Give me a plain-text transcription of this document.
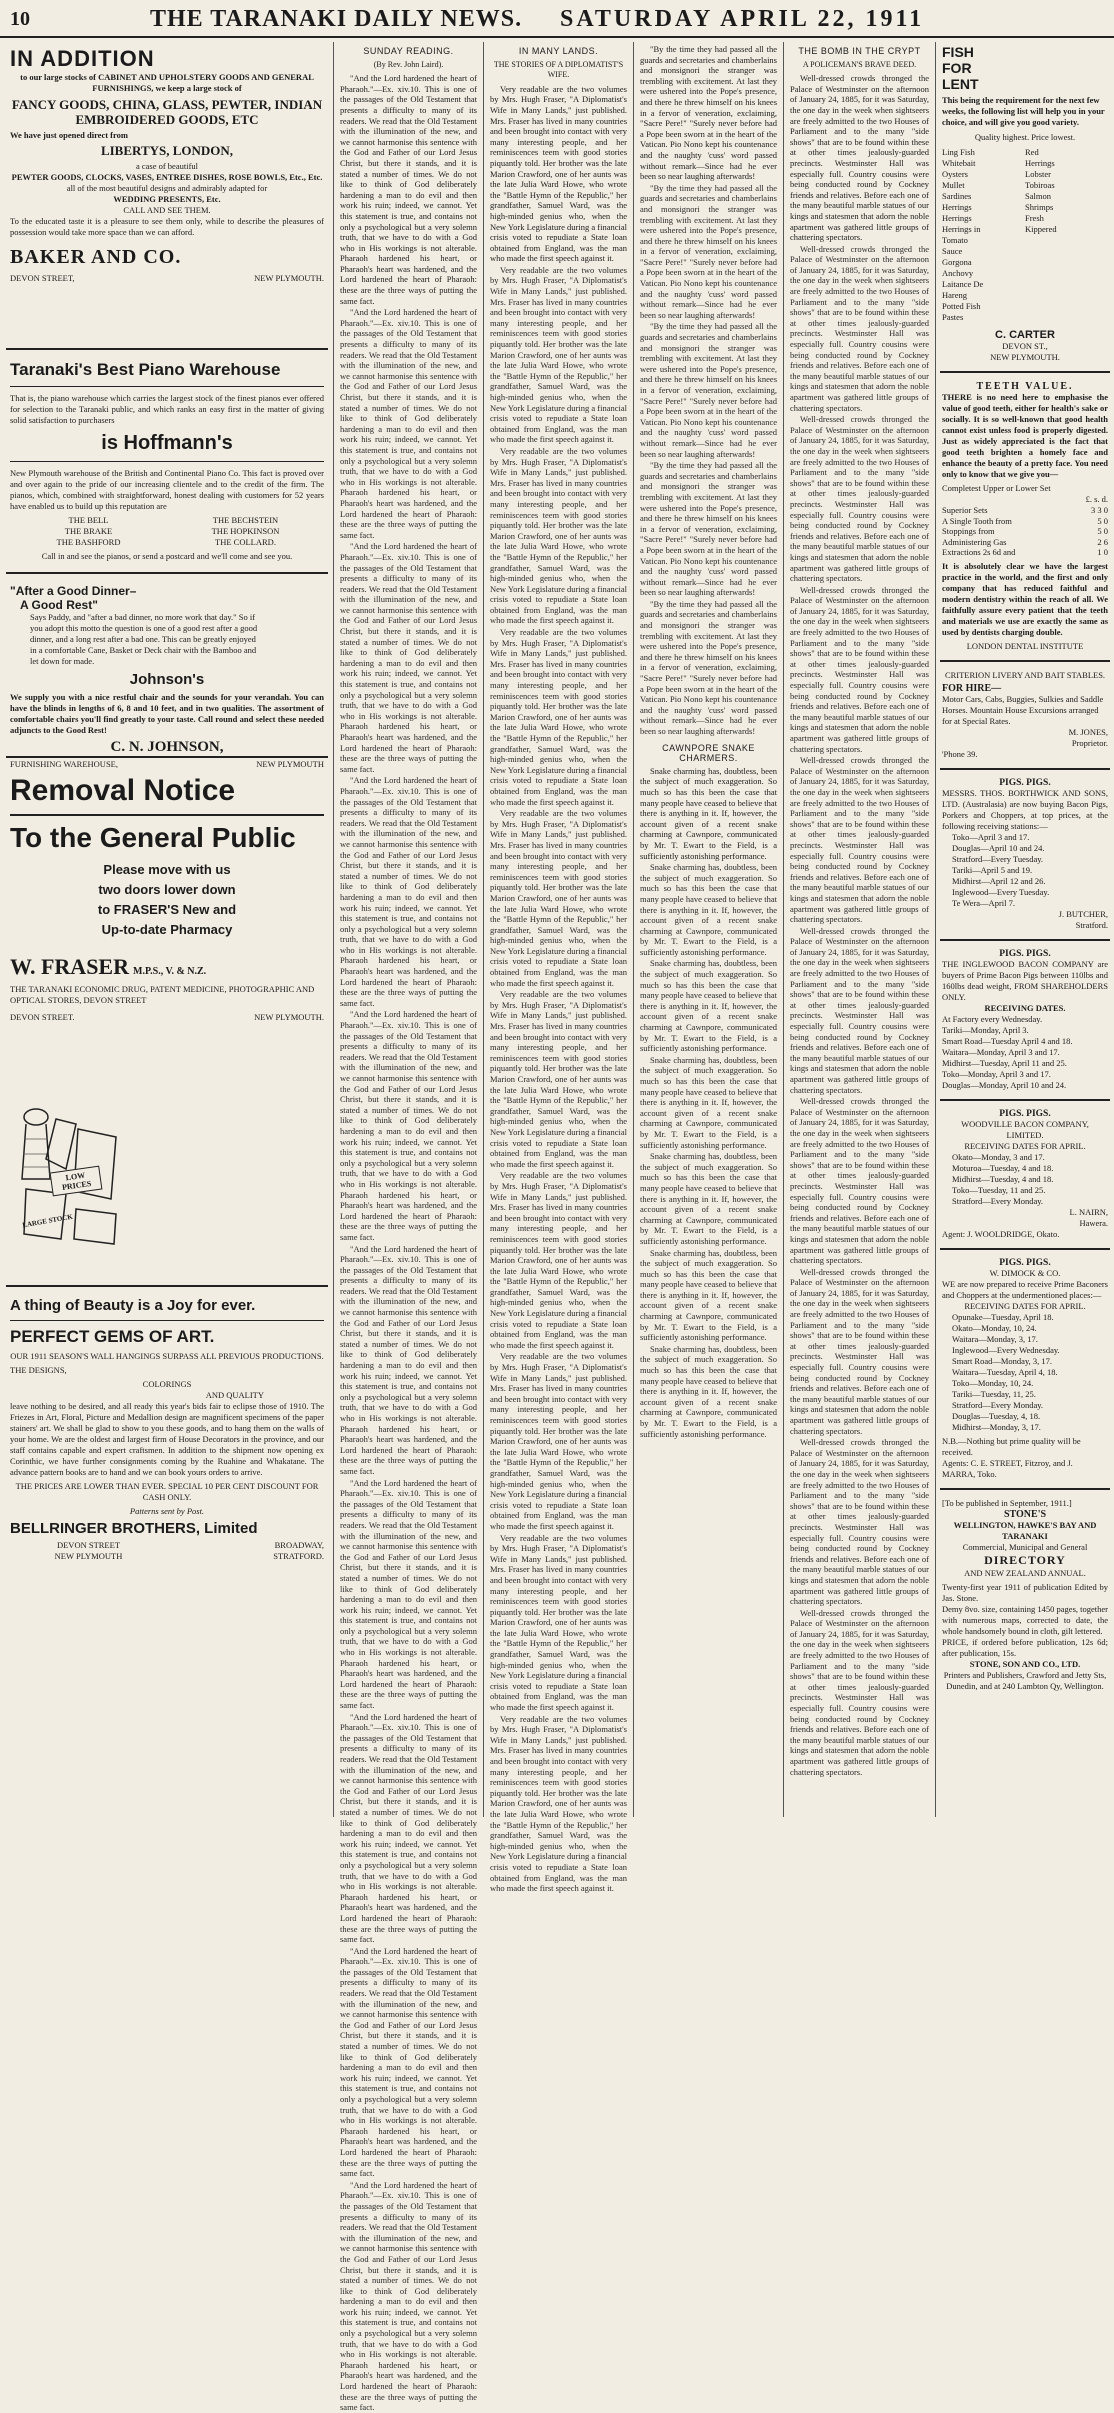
10	THE TARANAKI DAILY NEWS. SATURDAY APRIL 22, 1911
IN ADDITION
to our large stocks of CABINET AND UPHOLSTERY GOODS AND GENERAL FURNISHINGS, we keep a large stock of
FANCY GOODS, CHINA, GLASS, PEWTER, INDIAN EMBROIDERED GOODS, ETC
We have just opened direct from
LIBERTYS, LONDON,
a case of beautiful
PEWTER GOODS, CLOCKS, VASES, ENTREE DISHES, ROSE BOWLS, Etc., Etc.
all of the most beautiful designs and admirably adapted for
WEDDING PRESENTS, Etc.
CALL AND SEE THEM.
To the educated taste it is a pleasure to see them only, while to describe the pleasures of possession would take more space than we can afford.
BAKER AND CO.
DEVON STREET,	NEW PLYMOUTH.
Taranaki's Best Piano Warehouse
That is, the piano warehouse which carries the largest stock of the finest pianos ever offered for selection to the Taranaki public, and which ranks an easy first in the matter of giving solid satisfaction to purchasers
is Hoffmann's
New Plymouth warehouse of the British and Continental Piano Co. This fact is proved over and over again to the pride of our increasing clientele and to the credit of the firm. The pianos, which, combined with straightforward, honest dealing with customers for 52 years have enabled us to build up this reputation are
THE BELL
THE BRAKE
THE BASHFORD
THE BECHSTEIN
THE HOPKINSON
THE COLLARD.
Call in and see the pianos, or send a postcard and we'll come and see you.
"After a Good Dinner–
A Good Rest"
Says Paddy, and "after a bad dinner, no more work that day." So if you adopt this motto the question is one of a good rest after a good dinner, and a long rest after a bad one. This can be greatly enjoyed in a comfortable Cane, Basket or Deck chair with the Bamboo and let down for made.
Johnson's
We supply you with a nice restful chair and the sounds for your verandah. You can have the blinds in lengths of 6, 8 and 10 feet, and in two qualities. The assortment of comfortable chairs you'll find greatly to your taste. Call round and select these needed adjuncts to the Good Rest!
C. N. JOHNSON,
FURNISHING WAREHOUSE,	NEW PLYMOUTH
Removal Notice
To the General Public
Please move with us
two doors lower down
to FRASER'S New and
Up-to-date Pharmacy
W. FRASER M.P.S., V. & N.Z.
THE TARANAKI ECONOMIC DRUG, PATENT MEDICINE, PHOTOGRAPHIC AND OPTICAL STORES, DEVON STREET
DEVON STREET.	NEW PLYMOUTH.
LOW
PRICES
LARGE STOCK
A thing of Beauty is a Joy for ever.
PERFECT GEMS OF ART.
OUR 1911 SEASON'S WALL HANGINGS SURPASS ALL PREVIOUS PRODUCTIONS.
THE DESIGNS,
COLORINGS
AND QUALITY
leave nothing to be desired, and all ready this year's bids fair to eclipse those of 1910. The Friezes in Art, Floral, Picture and Medallion design are magnificent specimens of the paper stainers' art. We shall be glad to show to you these goods, and to hang them on the walls of your home. We are the oldest and largest firm of House Decorators in the province, and our staff contains capable and expert craftsmen. In addition to the shipment now opening ex Corinthic, we have further consignments coming by the Ruahine and Whakatane. The advance pattern books are to hand and we can book yours orders to arrive.
THE PRICES ARE LOWER THAN EVER. SPECIAL 10 PER CENT DISCOUNT FOR CASH ONLY.
Patterns sent by Post.
BELLRINGER BROTHERS, Limited
DEVON STREET
NEW PLYMOUTH
BROADWAY,
STRATFORD.
SUNDAY READING.
(By Rev. John Laird).
"And the Lord hardened the heart of Pharaoh."—Ex. xiv.10. This is one of the passages of the Old Testament that presents a difficulty to many of its readers. We read that the Old Testament with the illumination of the new, and we cannot harmonise this sentence with the God and Father of our Lord Jesus Christ, but there it stands, and it is stated a number of times. We do not like to think of God deliberately hardening a man to do evil and then work his ruin; indeed, we cannot. Yet this statement is true, and contains not only a psychological but a very solemn truth, that we have to do with a God who in His workings is not alterable. Pharaoh hardened his heart, or Pharaoh's heart was hardened, and the Lord hardened the heart of Pharaoh: these are the three ways of putting the same fact.
"And the Lord hardened the heart of Pharaoh."—Ex. xiv.10. This is one of the passages of the Old Testament that presents a difficulty to many of its readers. We read that the Old Testament with the illumination of the new, and we cannot harmonise this sentence with the God and Father of our Lord Jesus Christ, but there it stands, and it is stated a number of times. We do not like to think of God deliberately hardening a man to do evil and then work his ruin; indeed, we cannot. Yet this statement is true, and contains not only a psychological but a very solemn truth, that we have to do with a God who in His workings is not alterable. Pharaoh hardened his heart, or Pharaoh's heart was hardened, and the Lord hardened the heart of Pharaoh: these are the three ways of putting the same fact.
"And the Lord hardened the heart of Pharaoh."—Ex. xiv.10. This is one of the passages of the Old Testament that presents a difficulty to many of its readers. We read that the Old Testament with the illumination of the new, and we cannot harmonise this sentence with the God and Father of our Lord Jesus Christ, but there it stands, and it is stated a number of times. We do not like to think of God deliberately hardening a man to do evil and then work his ruin; indeed, we cannot. Yet this statement is true, and contains not only a psychological but a very solemn truth, that we have to do with a God who in His workings is not alterable. Pharaoh hardened his heart, or Pharaoh's heart was hardened, and the Lord hardened the heart of Pharaoh: these are the three ways of putting the same fact.
"And the Lord hardened the heart of Pharaoh."—Ex. xiv.10. This is one of the passages of the Old Testament that presents a difficulty to many of its readers. We read that the Old Testament with the illumination of the new, and we cannot harmonise this sentence with the God and Father of our Lord Jesus Christ, but there it stands, and it is stated a number of times. We do not like to think of God deliberately hardening a man to do evil and then work his ruin; indeed, we cannot. Yet this statement is true, and contains not only a psychological but a very solemn truth, that we have to do with a God who in His workings is not alterable. Pharaoh hardened his heart, or Pharaoh's heart was hardened, and the Lord hardened the heart of Pharaoh: these are the three ways of putting the same fact.
"And the Lord hardened the heart of Pharaoh."—Ex. xiv.10. This is one of the passages of the Old Testament that presents a difficulty to many of its readers. We read that the Old Testament with the illumination of the new, and we cannot harmonise this sentence with the God and Father of our Lord Jesus Christ, but there it stands, and it is stated a number of times. We do not like to think of God deliberately hardening a man to do evil and then work his ruin; indeed, we cannot. Yet this statement is true, and contains not only a psychological but a very solemn truth, that we have to do with a God who in His workings is not alterable. Pharaoh hardened his heart, or Pharaoh's heart was hardened, and the Lord hardened the heart of Pharaoh: these are the three ways of putting the same fact.
"And the Lord hardened the heart of Pharaoh."—Ex. xiv.10. This is one of the passages of the Old Testament that presents a difficulty to many of its readers. We read that the Old Testament with the illumination of the new, and we cannot harmonise this sentence with the God and Father of our Lord Jesus Christ, but there it stands, and it is stated a number of times. We do not like to think of God deliberately hardening a man to do evil and then work his ruin; indeed, we cannot. Yet this statement is true, and contains not only a psychological but a very solemn truth, that we have to do with a God who in His workings is not alterable. Pharaoh hardened his heart, or Pharaoh's heart was hardened, and the Lord hardened the heart of Pharaoh: these are the three ways of putting the same fact.
"And the Lord hardened the heart of Pharaoh."—Ex. xiv.10. This is one of the passages of the Old Testament that presents a difficulty to many of its readers. We read that the Old Testament with the illumination of the new, and we cannot harmonise this sentence with the God and Father of our Lord Jesus Christ, but there it stands, and it is stated a number of times. We do not like to think of God deliberately hardening a man to do evil and then work his ruin; indeed, we cannot. Yet this statement is true, and contains not only a psychological but a very solemn truth, that we have to do with a God who in His workings is not alterable. Pharaoh hardened his heart, or Pharaoh's heart was hardened, and the Lord hardened the heart of Pharaoh: these are the three ways of putting the same fact.
"And the Lord hardened the heart of Pharaoh."—Ex. xiv.10. This is one of the passages of the Old Testament that presents a difficulty to many of its readers. We read that the Old Testament with the illumination of the new, and we cannot harmonise this sentence with the God and Father of our Lord Jesus Christ, but there it stands, and it is stated a number of times. We do not like to think of God deliberately hardening a man to do evil and then work his ruin; indeed, we cannot. Yet this statement is true, and contains not only a psychological but a very solemn truth, that we have to do with a God who in His workings is not alterable. Pharaoh hardened his heart, or Pharaoh's heart was hardened, and the Lord hardened the heart of Pharaoh: these are the three ways of putting the same fact.
"And the Lord hardened the heart of Pharaoh."—Ex. xiv.10. This is one of the passages of the Old Testament that presents a difficulty to many of its readers. We read that the Old Testament with the illumination of the new, and we cannot harmonise this sentence with the God and Father of our Lord Jesus Christ, but there it stands, and it is stated a number of times. We do not like to think of God deliberately hardening a man to do evil and then work his ruin; indeed, we cannot. Yet this statement is true, and contains not only a psychological but a very solemn truth, that we have to do with a God who in His workings is not alterable. Pharaoh hardened his heart, or Pharaoh's heart was hardened, and the Lord hardened the heart of Pharaoh: these are the three ways of putting the same fact.
"And the Lord hardened the heart of Pharaoh."—Ex. xiv.10. This is one of the passages of the Old Testament that presents a difficulty to many of its readers. We read that the Old Testament with the illumination of the new, and we cannot harmonise this sentence with the God and Father of our Lord Jesus Christ, but there it stands, and it is stated a number of times. We do not like to think of God deliberately hardening a man to do evil and then work his ruin; indeed, we cannot. Yet this statement is true, and contains not only a psychological but a very solemn truth, that we have to do with a God who in His workings is not alterable. Pharaoh hardened his heart, or Pharaoh's heart was hardened, and the Lord hardened the heart of Pharaoh: these are the three ways of putting the same fact.
IN MANY LANDS.
THE STORIES OF A DIPLOMATIST'S WIFE.
Very readable are the two volumes by Mrs. Hugh Fraser, "A Diplomatist's Wife in Many Lands," just published. Mrs. Fraser has lived in many countries and been brought into contact with very many interesting people, and her reminiscences teem with good stories piquantly told. Her brother was the late Marion Crawford, one of her aunts was the late Julia Ward Howe, who wrote the "Battle Hymn of the Republic," her grandfather, Samuel Ward, was the high-minded genius who, when the New York Legislature during a financial crisis voted to repudiate a State loan obtained from England, was the man who made the first speech against it.
Very readable are the two volumes by Mrs. Hugh Fraser, "A Diplomatist's Wife in Many Lands," just published. Mrs. Fraser has lived in many countries and been brought into contact with very many interesting people, and her reminiscences teem with good stories piquantly told. Her brother was the late Marion Crawford, one of her aunts was the late Julia Ward Howe, who wrote the "Battle Hymn of the Republic," her grandfather, Samuel Ward, was the high-minded genius who, when the New York Legislature during a financial crisis voted to repudiate a State loan obtained from England, was the man who made the first speech against it.
Very readable are the two volumes by Mrs. Hugh Fraser, "A Diplomatist's Wife in Many Lands," just published. Mrs. Fraser has lived in many countries and been brought into contact with very many interesting people, and her reminiscences teem with good stories piquantly told. Her brother was the late Marion Crawford, one of her aunts was the late Julia Ward Howe, who wrote the "Battle Hymn of the Republic," her grandfather, Samuel Ward, was the high-minded genius who, when the New York Legislature during a financial crisis voted to repudiate a State loan obtained from England, was the man who made the first speech against it.
Very readable are the two volumes by Mrs. Hugh Fraser, "A Diplomatist's Wife in Many Lands," just published. Mrs. Fraser has lived in many countries and been brought into contact with very many interesting people, and her reminiscences teem with good stories piquantly told. Her brother was the late Marion Crawford, one of her aunts was the late Julia Ward Howe, who wrote the "Battle Hymn of the Republic," her grandfather, Samuel Ward, was the high-minded genius who, when the New York Legislature during a financial crisis voted to repudiate a State loan obtained from England, was the man who made the first speech against it.
Very readable are the two volumes by Mrs. Hugh Fraser, "A Diplomatist's Wife in Many Lands," just published. Mrs. Fraser has lived in many countries and been brought into contact with very many interesting people, and her reminiscences teem with good stories piquantly told. Her brother was the late Marion Crawford, one of her aunts was the late Julia Ward Howe, who wrote the "Battle Hymn of the Republic," her grandfather, Samuel Ward, was the high-minded genius who, when the New York Legislature during a financial crisis voted to repudiate a State loan obtained from England, was the man who made the first speech against it.
Very readable are the two volumes by Mrs. Hugh Fraser, "A Diplomatist's Wife in Many Lands," just published. Mrs. Fraser has lived in many countries and been brought into contact with very many interesting people, and her reminiscences teem with good stories piquantly told. Her brother was the late Marion Crawford, one of her aunts was the late Julia Ward Howe, who wrote the "Battle Hymn of the Republic," her grandfather, Samuel Ward, was the high-minded genius who, when the New York Legislature during a financial crisis voted to repudiate a State loan obtained from England, was the man who made the first speech against it.
Very readable are the two volumes by Mrs. Hugh Fraser, "A Diplomatist's Wife in Many Lands," just published. Mrs. Fraser has lived in many countries and been brought into contact with very many interesting people, and her reminiscences teem with good stories piquantly told. Her brother was the late Marion Crawford, one of her aunts was the late Julia Ward Howe, who wrote the "Battle Hymn of the Republic," her grandfather, Samuel Ward, was the high-minded genius who, when the New York Legislature during a financial crisis voted to repudiate a State loan obtained from England, was the man who made the first speech against it.
Very readable are the two volumes by Mrs. Hugh Fraser, "A Diplomatist's Wife in Many Lands," just published. Mrs. Fraser has lived in many countries and been brought into contact with very many interesting people, and her reminiscences teem with good stories piquantly told. Her brother was the late Marion Crawford, one of her aunts was the late Julia Ward Howe, who wrote the "Battle Hymn of the Republic," her grandfather, Samuel Ward, was the high-minded genius who, when the New York Legislature during a financial crisis voted to repudiate a State loan obtained from England, was the man who made the first speech against it.
Very readable are the two volumes by Mrs. Hugh Fraser, "A Diplomatist's Wife in Many Lands," just published. Mrs. Fraser has lived in many countries and been brought into contact with very many interesting people, and her reminiscences teem with good stories piquantly told. Her brother was the late Marion Crawford, one of her aunts was the late Julia Ward Howe, who wrote the "Battle Hymn of the Republic," her grandfather, Samuel Ward, was the high-minded genius who, when the New York Legislature during a financial crisis voted to repudiate a State loan obtained from England, was the man who made the first speech against it.
Very readable are the two volumes by Mrs. Hugh Fraser, "A Diplomatist's Wife in Many Lands," just published. Mrs. Fraser has lived in many countries and been brought into contact with very many interesting people, and her reminiscences teem with good stories piquantly told. Her brother was the late Marion Crawford, one of her aunts was the late Julia Ward Howe, who wrote the "Battle Hymn of the Republic," her grandfather, Samuel Ward, was the high-minded genius who, when the New York Legislature during a financial crisis voted to repudiate a State loan obtained from England, was the man who made the first speech against it.
"By the time they had passed all the guards and secretaries and chamberlains and monsignori the stranger was trembling with excitement. At last they were ushered into the Pope's presence, and there he threw himself on his knees in a fervor of veneration, exclaiming, "Sacre Pere!" "Surely never before had a Pope been sworn at in the heart of the Vatican. Pio Nono kept his countenance and the naughty 'cuss' word passed without remark—Since had he ever been so near laughing afterwards!
"By the time they had passed all the guards and secretaries and chamberlains and monsignori the stranger was trembling with excitement. At last they were ushered into the Pope's presence, and there he threw himself on his knees in a fervor of veneration, exclaiming, "Sacre Pere!" "Surely never before had a Pope been sworn at in the heart of the Vatican. Pio Nono kept his countenance and the naughty 'cuss' word passed without remark—Since had he ever been so near laughing afterwards!
"By the time they had passed all the guards and secretaries and chamberlains and monsignori the stranger was trembling with excitement. At last they were ushered into the Pope's presence, and there he threw himself on his knees in a fervor of veneration, exclaiming, "Sacre Pere!" "Surely never before had a Pope been sworn at in the heart of the Vatican. Pio Nono kept his countenance and the naughty 'cuss' word passed without remark—Since had he ever been so near laughing afterwards!
"By the time they had passed all the guards and secretaries and chamberlains and monsignori the stranger was trembling with excitement. At last they were ushered into the Pope's presence, and there he threw himself on his knees in a fervor of veneration, exclaiming, "Sacre Pere!" "Surely never before had a Pope been sworn at in the heart of the Vatican. Pio Nono kept his countenance and the naughty 'cuss' word passed without remark—Since had he ever been so near laughing afterwards!
"By the time they had passed all the guards and secretaries and chamberlains and monsignori the stranger was trembling with excitement. At last they were ushered into the Pope's presence, and there he threw himself on his knees in a fervor of veneration, exclaiming, "Sacre Pere!" "Surely never before had a Pope been sworn at in the heart of the Vatican. Pio Nono kept his countenance and the naughty 'cuss' word passed without remark—Since had he ever been so near laughing afterwards!
CAWNPORE SNAKE CHARMERS.
Snake charming has, doubtless, been the subject of much exaggeration. So much so has this been the case that many people have ceased to believe that there is anything in it. If, however, the account given of a recent snake charming at Cawnpore, communicated by Mr. T. Ewart to the Field, is a sufficiently astonishing performance.
Snake charming has, doubtless, been the subject of much exaggeration. So much so has this been the case that many people have ceased to believe that there is anything in it. If, however, the account given of a recent snake charming at Cawnpore, communicated by Mr. T. Ewart to the Field, is a sufficiently astonishing performance.
Snake charming has, doubtless, been the subject of much exaggeration. So much so has this been the case that many people have ceased to believe that there is anything in it. If, however, the account given of a recent snake charming at Cawnpore, communicated by Mr. T. Ewart to the Field, is a sufficiently astonishing performance.
Snake charming has, doubtless, been the subject of much exaggeration. So much so has this been the case that many people have ceased to believe that there is anything in it. If, however, the account given of a recent snake charming at Cawnpore, communicated by Mr. T. Ewart to the Field, is a sufficiently astonishing performance.
Snake charming has, doubtless, been the subject of much exaggeration. So much so has this been the case that many people have ceased to believe that there is anything in it. If, however, the account given of a recent snake charming at Cawnpore, communicated by Mr. T. Ewart to the Field, is a sufficiently astonishing performance.
Snake charming has, doubtless, been the subject of much exaggeration. So much so has this been the case that many people have ceased to believe that there is anything in it. If, however, the account given of a recent snake charming at Cawnpore, communicated by Mr. T. Ewart to the Field, is a sufficiently astonishing performance.
Snake charming has, doubtless, been the subject of much exaggeration. So much so has this been the case that many people have ceased to believe that there is anything in it. If, however, the account given of a recent snake charming at Cawnpore, communicated by Mr. T. Ewart to the Field, is a sufficiently astonishing performance.
THE BOMB IN THE CRYPT
A POLICEMAN'S BRAVE DEED.
Well-dressed crowds thronged the Palace of Westminster on the afternoon of January 24, 1885, for it was Saturday, the one day in the week when sightseers are freely admitted to the two Houses of Parliament and to the many "side shows" that are to be found within these at other times jealously-guarded precincts. Westminster Hall was especially full. Country cousins were being conducted round by Cockney friends and relatives. Before each one of the many beautiful marble statues of our kings and statesmen that adorn the noble apartment was gathered little groups of chattering spectators.
Well-dressed crowds thronged the Palace of Westminster on the afternoon of January 24, 1885, for it was Saturday, the one day in the week when sightseers are freely admitted to the two Houses of Parliament and to the many "side shows" that are to be found within these at other times jealously-guarded precincts. Westminster Hall was especially full. Country cousins were being conducted round by Cockney friends and relatives. Before each one of the many beautiful marble statues of our kings and statesmen that adorn the noble apartment was gathered little groups of chattering spectators.
Well-dressed crowds thronged the Palace of Westminster on the afternoon of January 24, 1885, for it was Saturday, the one day in the week when sightseers are freely admitted to the two Houses of Parliament and to the many "side shows" that are to be found within these at other times jealously-guarded precincts. Westminster Hall was especially full. Country cousins were being conducted round by Cockney friends and relatives. Before each one of the many beautiful marble statues of our kings and statesmen that adorn the noble apartment was gathered little groups of chattering spectators.
Well-dressed crowds thronged the Palace of Westminster on the afternoon of January 24, 1885, for it was Saturday, the one day in the week when sightseers are freely admitted to the two Houses of Parliament and to the many "side shows" that are to be found within these at other times jealously-guarded precincts. Westminster Hall was especially full. Country cousins were being conducted round by Cockney friends and relatives. Before each one of the many beautiful marble statues of our kings and statesmen that adorn the noble apartment was gathered little groups of chattering spectators.
Well-dressed crowds thronged the Palace of Westminster on the afternoon of January 24, 1885, for it was Saturday, the one day in the week when sightseers are freely admitted to the two Houses of Parliament and to the many "side shows" that are to be found within these at other times jealously-guarded precincts. Westminster Hall was especially full. Country cousins were being conducted round by Cockney friends and relatives. Before each one of the many beautiful marble statues of our kings and statesmen that adorn the noble apartment was gathered little groups of chattering spectators.
Well-dressed crowds thronged the Palace of Westminster on the afternoon of January 24, 1885, for it was Saturday, the one day in the week when sightseers are freely admitted to the two Houses of Parliament and to the many "side shows" that are to be found within these at other times jealously-guarded precincts. Westminster Hall was especially full. Country cousins were being conducted round by Cockney friends and relatives. Before each one of the many beautiful marble statues of our kings and statesmen that adorn the noble apartment was gathered little groups of chattering spectators.
Well-dressed crowds thronged the Palace of Westminster on the afternoon of January 24, 1885, for it was Saturday, the one day in the week when sightseers are freely admitted to the two Houses of Parliament and to the many "side shows" that are to be found within these at other times jealously-guarded precincts. Westminster Hall was especially full. Country cousins were being conducted round by Cockney friends and relatives. Before each one of the many beautiful marble statues of our kings and statesmen that adorn the noble apartment was gathered little groups of chattering spectators.
Well-dressed crowds thronged the Palace of Westminster on the afternoon of January 24, 1885, for it was Saturday, the one day in the week when sightseers are freely admitted to the two Houses of Parliament and to the many "side shows" that are to be found within these at other times jealously-guarded precincts. Westminster Hall was especially full. Country cousins were being conducted round by Cockney friends and relatives. Before each one of the many beautiful marble statues of our kings and statesmen that adorn the noble apartment was gathered little groups of chattering spectators.
Well-dressed crowds thronged the Palace of Westminster on the afternoon of January 24, 1885, for it was Saturday, the one day in the week when sightseers are freely admitted to the two Houses of Parliament and to the many "side shows" that are to be found within these at other times jealously-guarded precincts. Westminster Hall was especially full. Country cousins were being conducted round by Cockney friends and relatives. Before each one of the many beautiful marble statues of our kings and statesmen that adorn the noble apartment was gathered little groups of chattering spectators.
Well-dressed crowds thronged the Palace of Westminster on the afternoon of January 24, 1885, for it was Saturday, the one day in the week when sightseers are freely admitted to the two Houses of Parliament and to the many "side shows" that are to be found within these at other times jealously-guarded precincts. Westminster Hall was especially full. Country cousins were being conducted round by Cockney friends and relatives. Before each one of the many beautiful marble statues of our kings and statesmen that adorn the noble apartment was gathered little groups of chattering spectators.
FISH
FOR
LENT
This being the requirement for the next few weeks, the following list will help you in your choice, and will give you good variety.
Quality highest. Price lowest.
Ling Fish
Whitebait
Oysters
Mullet
Sardines
Herrings
Herrings
Herrings in Tomato Sauce
Gorgona Anchovy
Laitance De Hareng
Potted Fish Pastes
Red Herrings
Lobster
Tobiroas
Salmon
Shrimps
Fresh
Kippered
C. CARTER
DEVON ST.,
NEW PLYMOUTH.
TEETH VALUE.
THERE is no need here to emphasise the value of good teeth, either for health's sake or socially. It is so well-known that good health cannot exist unless food is properly digested. Just as widely appreciated is the fact that good teeth brighten a homely face and enhance the beauty of a pretty face. You need only to know that we give you—
Completest Upper or Lower Set
£. s. d.
Superior Sets	3 3 0
A Single Tooth from	5 0
Stoppings from	5 0
Administering Gas	2 6
Extractions 2s 6d and	1 0
It is absolutely clear we have the largest practice in the world, and the first and only company that has reduced faithful and modern dentistry within the reach of all. We faithfully assure every patient that the teeth and materials we use are exactly the same as used by dentists charging double.
LONDON DENTAL INSTITUTE
CRITERION LIVERY AND BAIT STABLES.
FOR HIRE—
Motor Cars, Cabs, Buggies, Sulkies and Saddle Horses. Mountain House Excursions arranged for at Special Rates.
M. JONES,
Proprietor.
'Phone 39.
PIGS. PIGS.
MESSRS. THOS. BORTHWICK AND SONS, LTD. (Australasia) are now buying Bacon Pigs, Porkers and Choppers, at top prices, at the following receiving stations:—
Toko—April 3 and 17.
Douglas—April 10 and 24.
Stratford—Every Tuesday.
Tariki—April 5 and 19.
Midhirst—April 12 and 26.
Inglewood—Every Tuesday.
Te Wera—April 7.
J. BUTCHER,
Stratford.
PIGS. PIGS.
THE INGLEWOOD BACON COMPANY are buyers of Prime Bacon Pigs between 110lbs and 160lbs dead weight, FROM SHAREHOLDERS ONLY.
RECEIVING DATES.
At Factory every Wednesday.
Tariki—Monday, April 3.
Smart Road—Tuesday April 4 and 18.
Waitara—Monday, April 3 and 17.
Midhirst—Tuesday, April 11 and 25.
Toko—Monday, April 3 and 17.
Douglas—Monday, April 10 and 24.
PIGS. PIGS.
WOODVILLE BACON COMPANY, LIMITED.
RECEIVING DATES FOR APRIL.
Okato—Monday, 3 and 17.
Moturoa—Tuesday, 4 and 18.
Midhirst—Tuesday, 4 and 18.
Toko—Tuesday, 11 and 25.
Stratford—Every Monday.
L. NAIRN,
Hawera.
Agent: J. WOOLDRIDGE, Okato.
PIGS. PIGS.
W. DIMOCK & CO.
WE are now prepared to receive Prime Baconers and Choppers at the undermentioned places:—
RECEIVING DATES FOR APRIL.
Opunake—Tuesday, April 18.
Okato—Monday, 10, 24.
Waitara—Monday, 3, 17.
Inglewood—Every Wednesday.
Smart Road—Monday, 3, 17.
Waitara—Tuesday, April 4, 18.
Toko—Monday, 10, 24.
Tariki—Tuesday, 11, 25.
Stratford—Every Monday.
Douglas—Tuesday, 4, 18.
Midhirst—Monday, 3, 17.
N.B.—Nothing but prime quality will be received.
Agents: C. E. STREET, Fitzroy, and J. MARRA, Toko.
[To be published in September, 1911.]
STONE'S
WELLINGTON, HAWKE'S BAY AND TARANAKI
Commercial, Municipal and General
DIRECTORY
AND NEW ZEALAND ANNUAL.
Twenty-first year 1911 of publication Edited by Jas. Stone.
Demy 8vo. size, containing 1450 pages, together with numerous maps, corrected to date, the whole handsomely bound in cloth, gilt lettered.
PRICE, if ordered before publication, 12s 6d; after publication, 15s.
STONE, SON AND CO., LTD.
Printers and Publishers, Crawford and Jetty Sts, Dunedin, and at 240 Lambton Qy, Wellington.
